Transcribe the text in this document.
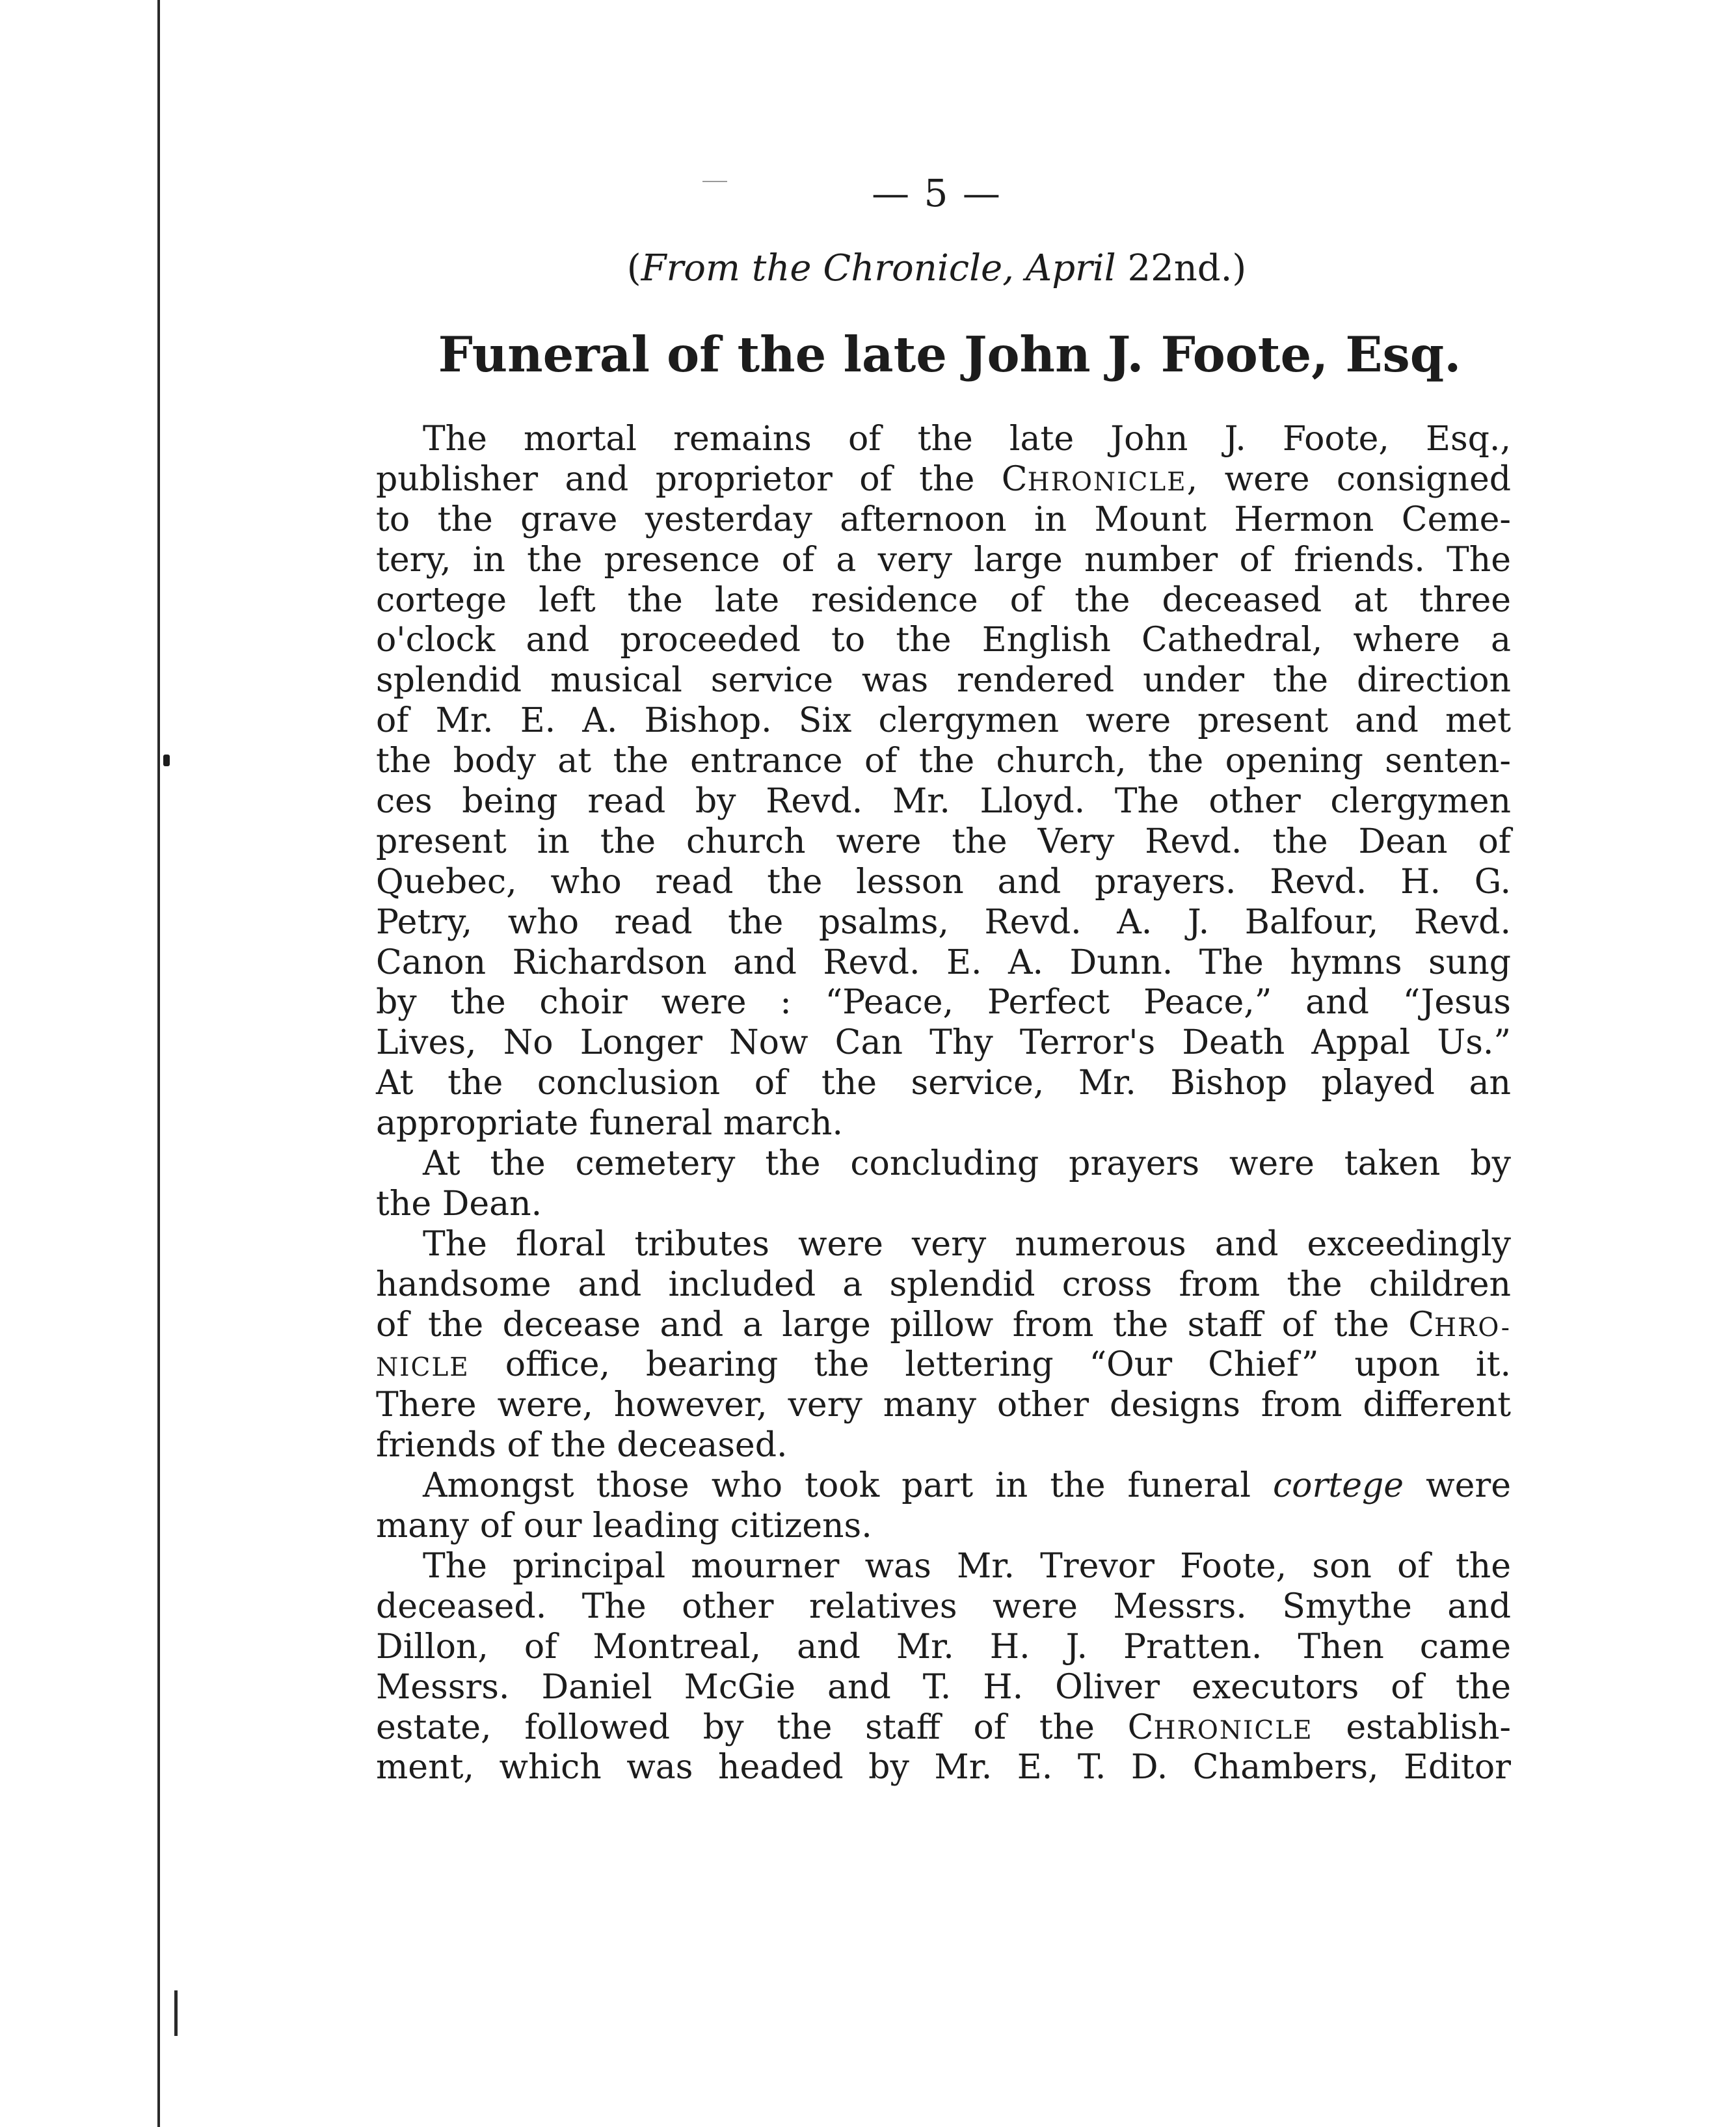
— 5 —
(From the Chronicle, April 22nd.)
Funeral of the late John J. Foote, Esq.
The mortal remains of the late John J. Foote, Esq.,
publisher and proprietor of the CHRONICLE, were consigned
to the grave yesterday afternoon in Mount Hermon Ceme-
tery, in the presence of a very large number of friends. The
cortege left the late residence of the deceased at three
o'clock and proceeded to the English Cathedral, where a
splendid musical service was rendered under the direction
of Mr. E. A. Bishop. Six clergymen were present and met
the body at the entrance of the church, the opening senten-
ces being read by Revd. Mr. Lloyd. The other clergymen
present in the church were the Very Revd. the Dean of
Quebec, who read the lesson and prayers. Revd. H. G.
Petry, who read the psalms, Revd. A. J. Balfour, Revd.
Canon Richardson and Revd. E. A. Dunn. The hymns sung
by the choir were : “Peace, Perfect Peace,” and “Jesus
Lives, No Longer Now Can Thy Terror's Death Appal Us.”
At the conclusion of the service, Mr. Bishop played an
appropriate funeral march.
At the cemetery the concluding prayers were taken by
the Dean.
The floral tributes were very numerous and exceedingly
handsome and included a splendid cross from the children
of the decease and a large pillow from the staff of the CHRO-
NICLE office, bearing the lettering “Our Chief” upon it.
There were, however, very many other designs from different
friends of the deceased.
Amongst those who took part in the funeral cortege were
many of our leading citizens.
The principal mourner was Mr. Trevor Foote, son of the
deceased. The other relatives were Messrs. Smythe and
Dillon, of Montreal, and Mr. H. J. Pratten. Then came
Messrs. Daniel McGie and T. H. Oliver executors of the
estate, followed by the staff of the CHRONICLE establish-
ment, which was headed by Mr. E. T. D. Chambers, Editor
